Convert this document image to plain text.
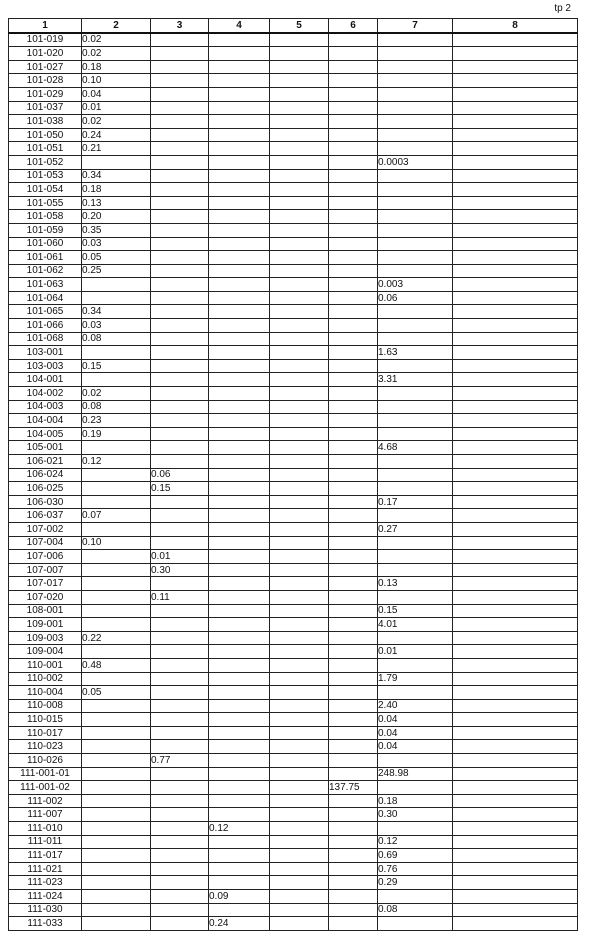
tp 2
1	2	3	4	5	6	7	8
101-019	0.02						
101-020	0.02						
101-027	0.18						
101-028	0.10						
101-029	0.04						
101-037	0.01						
101-038	0.02						
101-050	0.24						
101-051	0.21						
101-052						0.0003	
101-053	0.34						
101-054	0.18						
101-055	0.13						
101-058	0.20						
101-059	0.35						
101-060	0.03						
101-061	0.05						
101-062	0.25						
101-063						0.003	
101-064						0.06	
101-065	0.34						
101-066	0.03						
101-068	0.08						
103-001						1.63	
103-003	0.15						
104-001						3.31	
104-002	0.02						
104-003	0.08						
104-004	0.23						
104-005	0.19						
105-001						4.68	
106-021	0.12						
106-024		0.06					
106-025		0.15					
106-030						0.17	
106-037	0.07						
107-002						0.27	
107-004	0.10						
107-006		0.01					
107-007		0.30					
107-017						0.13	
107-020		0.11					
108-001						0.15	
109-001						4.01	
109-003	0.22						
109-004						0.01	
110-001	0.48						
110-002						1.79	
110-004	0.05						
110-008						2.40	
110-015						0.04	
110-017						0.04	
110-023						0.04	
110-026		0.77					
111-001-01						248.98	
111-001-02					137.75		
111-002						0.18	
111-007						0.30	
111-010			0.12				
111-011						0.12	
111-017						0.69	
111-021						0.76	
111-023						0.29	
111-024			0.09				
111-030						0.08	
111-033			0.24				
